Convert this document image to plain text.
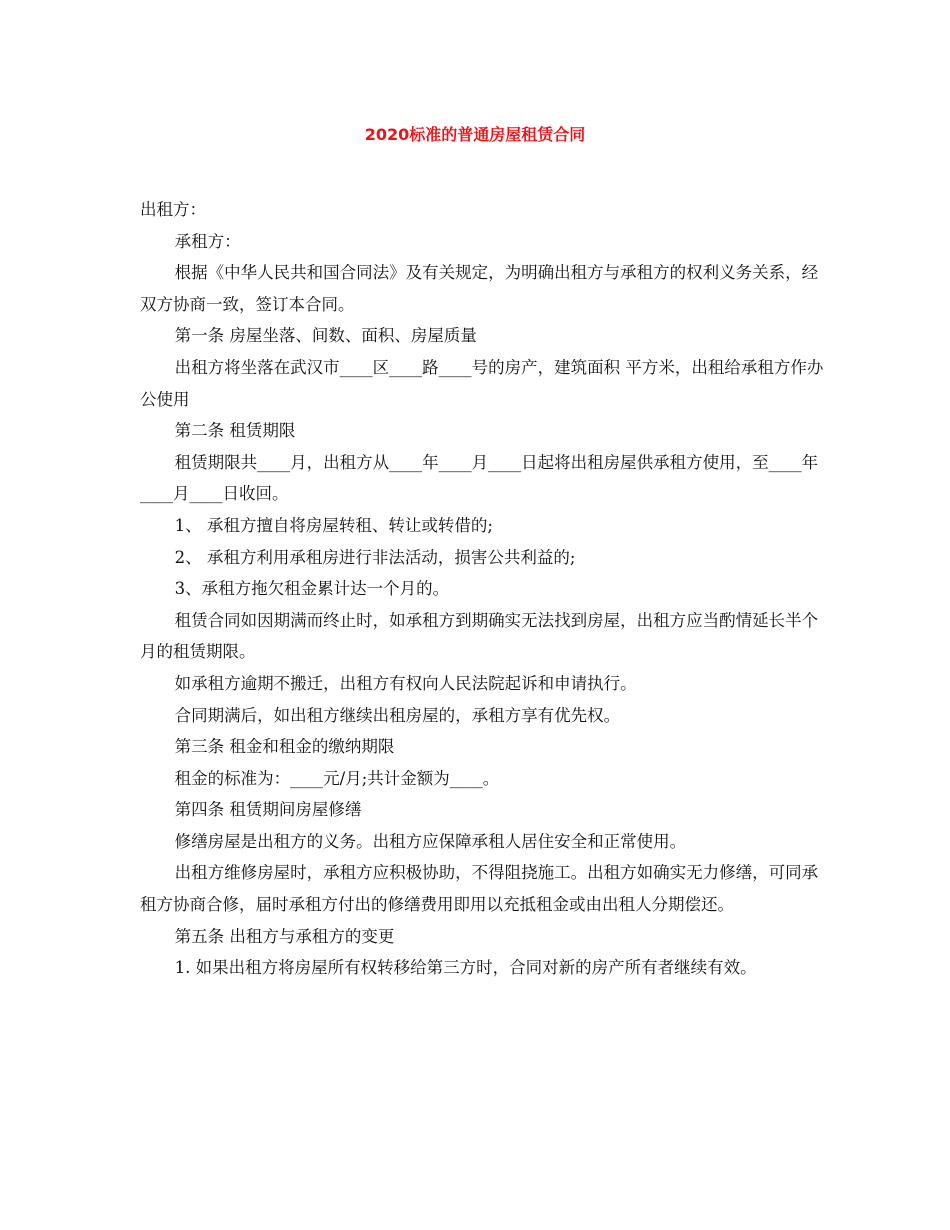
2020标准的普通房屋租赁合同

出租方：

承租方：

根据《中华人民共和国合同法》及有关规定，为明确出租方与承租方的权利义务关系，经双方协商一致，签订本合同。

第一条 房屋坐落、间数、面积、房屋质量

出租方将坐落在武汉市____区____路____号的房产，建筑面积 平方米，出租给承租方作办公使用

第二条 租赁期限

租赁期限共____月，出租方从____年____月____日起将出租房屋供承租方使用，至____年____月____日收回。

1、 承租方擅自将房屋转租、转让或转借的;

2、 承租方利用承租房进行非法活动，损害公共利益的;

3、承租方拖欠租金累计达一个月的。

租赁合同如因期满而终止时，如承租方到期确实无法找到房屋，出租方应当酌情延长半个月的租赁期限。

如承租方逾期不搬迁，出租方有权向人民法院起诉和申请执行。

合同期满后，如出租方继续出租房屋的，承租方享有优先权。

第三条 租金和租金的缴纳期限

租金的标准为：____元/月;共计金额为____。

第四条 租赁期间房屋修缮

修缮房屋是出租方的义务。出租方应保障承租人居住安全和正常使用。

出租方维修房屋时，承租方应积极协助，不得阻挠施工。出租方如确实无力修缮，可同承租方协商合修，届时承租方付出的修缮费用即用以充抵租金或由出租人分期偿还。

第五条 出租方与承租方的变更

1. 如果出租方将房屋所有权转移给第三方时，合同对新的房产所有者继续有效。
